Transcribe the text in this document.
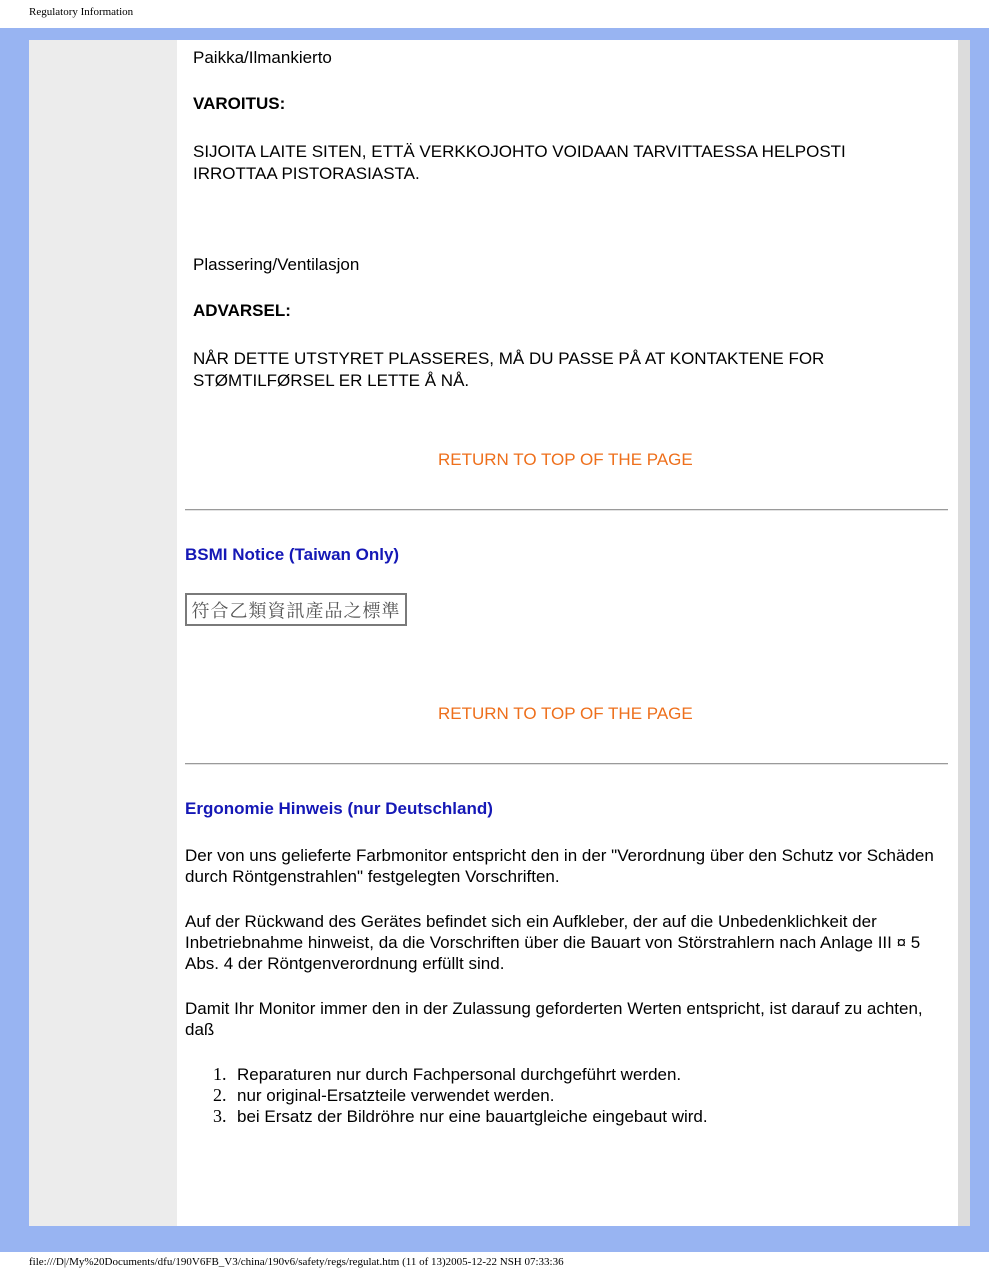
Regulatory Information

Paikka/Ilmankierto

VAROITUS:

SIJOITA LAITE SITEN, ETTÄ VERKKOJOHTO VOIDAAN TARVITTAESSA HELPOSTI

IRROTTAA PISTORASIASTA.

Plassering/Ventilasjon

ADVARSEL:

NÅR DETTE UTSTYRET PLASSERES, MÅ DU PASSE PÅ AT KONTAKTENE FOR

STØMTILFØRSEL ER LETTE Å NÅ.

RETURN TO TOP OF THE PAGE

BSMI Notice (Taiwan Only)

符合乙類資訊產品之標準
RETURN TO TOP OF THE PAGE

Ergonomie Hinweis (nur Deutschland)

Der von uns gelieferte Farbmonitor entspricht den in der "Verordnung über den Schutz vor Schäden

durch Röntgenstrahlen" festgelegten Vorschriften.

Auf der Rückwand des Gerätes befindet sich ein Aufkleber, der auf die Unbedenklichkeit der

Inbetriebnahme hinweist, da die Vorschriften über die Bauart von Störstrahlern nach Anlage III ¤ 5

Abs. 4 der Röntgenverordnung erfüllt sind.

Damit Ihr Monitor immer den in der Zulassung geforderten Werten entspricht, ist darauf zu achten,

daß

1. Reparaturen nur durch Fachpersonal durchgeführt werden.
2. nur original-Ersatzteile verwendet werden.
3. bei Ersatz der Bildröhre nur eine bauartgleiche eingebaut wird.
file:///D|/My%20Documents/dfu/190V6FB_V3/china/190v6/safety/regs/regulat.htm (11 of 13)2005-12-22 NSH 07:33:36
